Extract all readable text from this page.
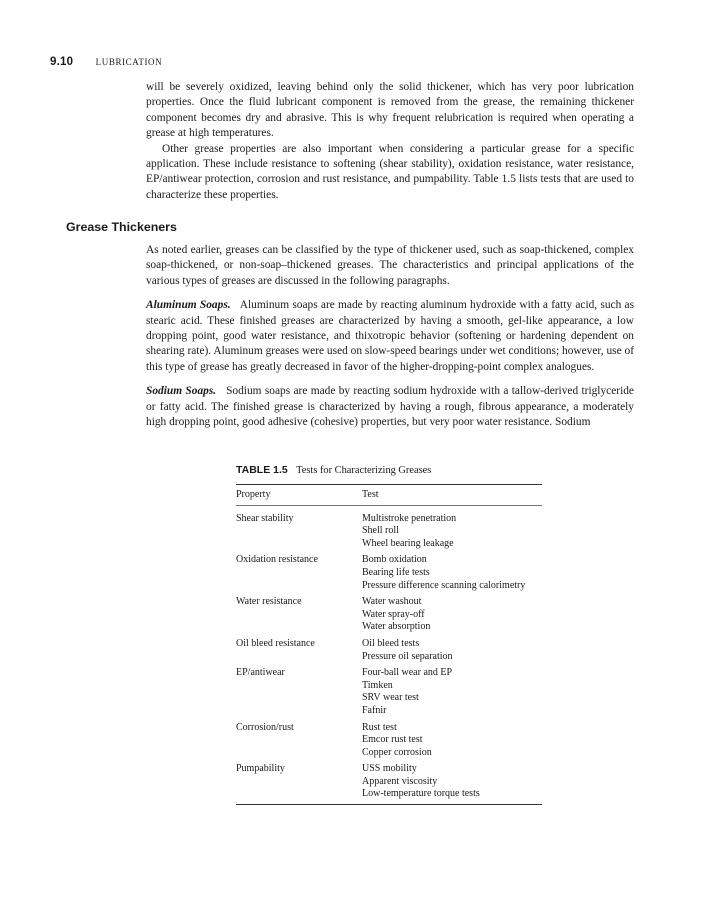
9.10 LUBRICATION

will be severely oxidized, leaving behind only the solid thickener, which has very poor lubrication properties. Once the fluid lubricant component is removed from the grease, the remaining thickener component becomes dry and abrasive. This is why frequent relubrication is required when operating a grease at high temperatures.

Other grease properties are also important when considering a particular grease for a specific application. These include resistance to softening (shear stability), oxidation resistance, water resistance, EP/antiwear protection, corrosion and rust resistance, and pumpability. Table 1.5 lists tests that are used to characterize these properties.

Grease Thickeners

As noted earlier, greases can be classified by the type of thickener used, such as soap-thickened, complex soap-thickened, or non-soap–thickened greases. The characteristics and principal applications of the various types of greases are discussed in the following paragraphs.

Aluminum Soaps. Aluminum soaps are made by reacting aluminum hydroxide with a fatty acid, such as stearic acid. These finished greases are characterized by having a smooth, gel-like appearance, a low dropping point, good water resistance, and thixotropic behavior (softening or hardening dependent on shearing rate). Aluminum greases were used on slow-speed bearings under wet conditions; however, use of this type of grease has greatly decreased in favor of the higher-dropping-point complex analogues.

Sodium Soaps. Sodium soaps are made by reacting sodium hydroxide with a tallow-derived triglyceride or fatty acid. The finished grease is characterized by having a rough, fibrous appearance, a moderately high dropping point, good adhesive (cohesive) properties, but very poor water resistance. Sodium

TABLE 1.5 Tests for Characterizing Greases
Property	Test
Shear stability	Multistroke penetration
	Shell roll
	Wheel bearing leakage
Oxidation resistance	Bomb oxidation
	Bearing life tests
	Pressure difference scanning calorimetry
Water resistance	Water washout
	Water spray-off
	Water absorption
Oil bleed resistance	Oil bleed tests
	Pressure oil separation
EP/antiwear	Four-ball wear and EP
	Timken
	SRV wear test
	Fafnir
Corrosion/rust	Rust test
	Emcor rust test
	Copper corrosion
Pumpability	USS mobility
	Apparent viscosity
	Low-temperature torque tests
